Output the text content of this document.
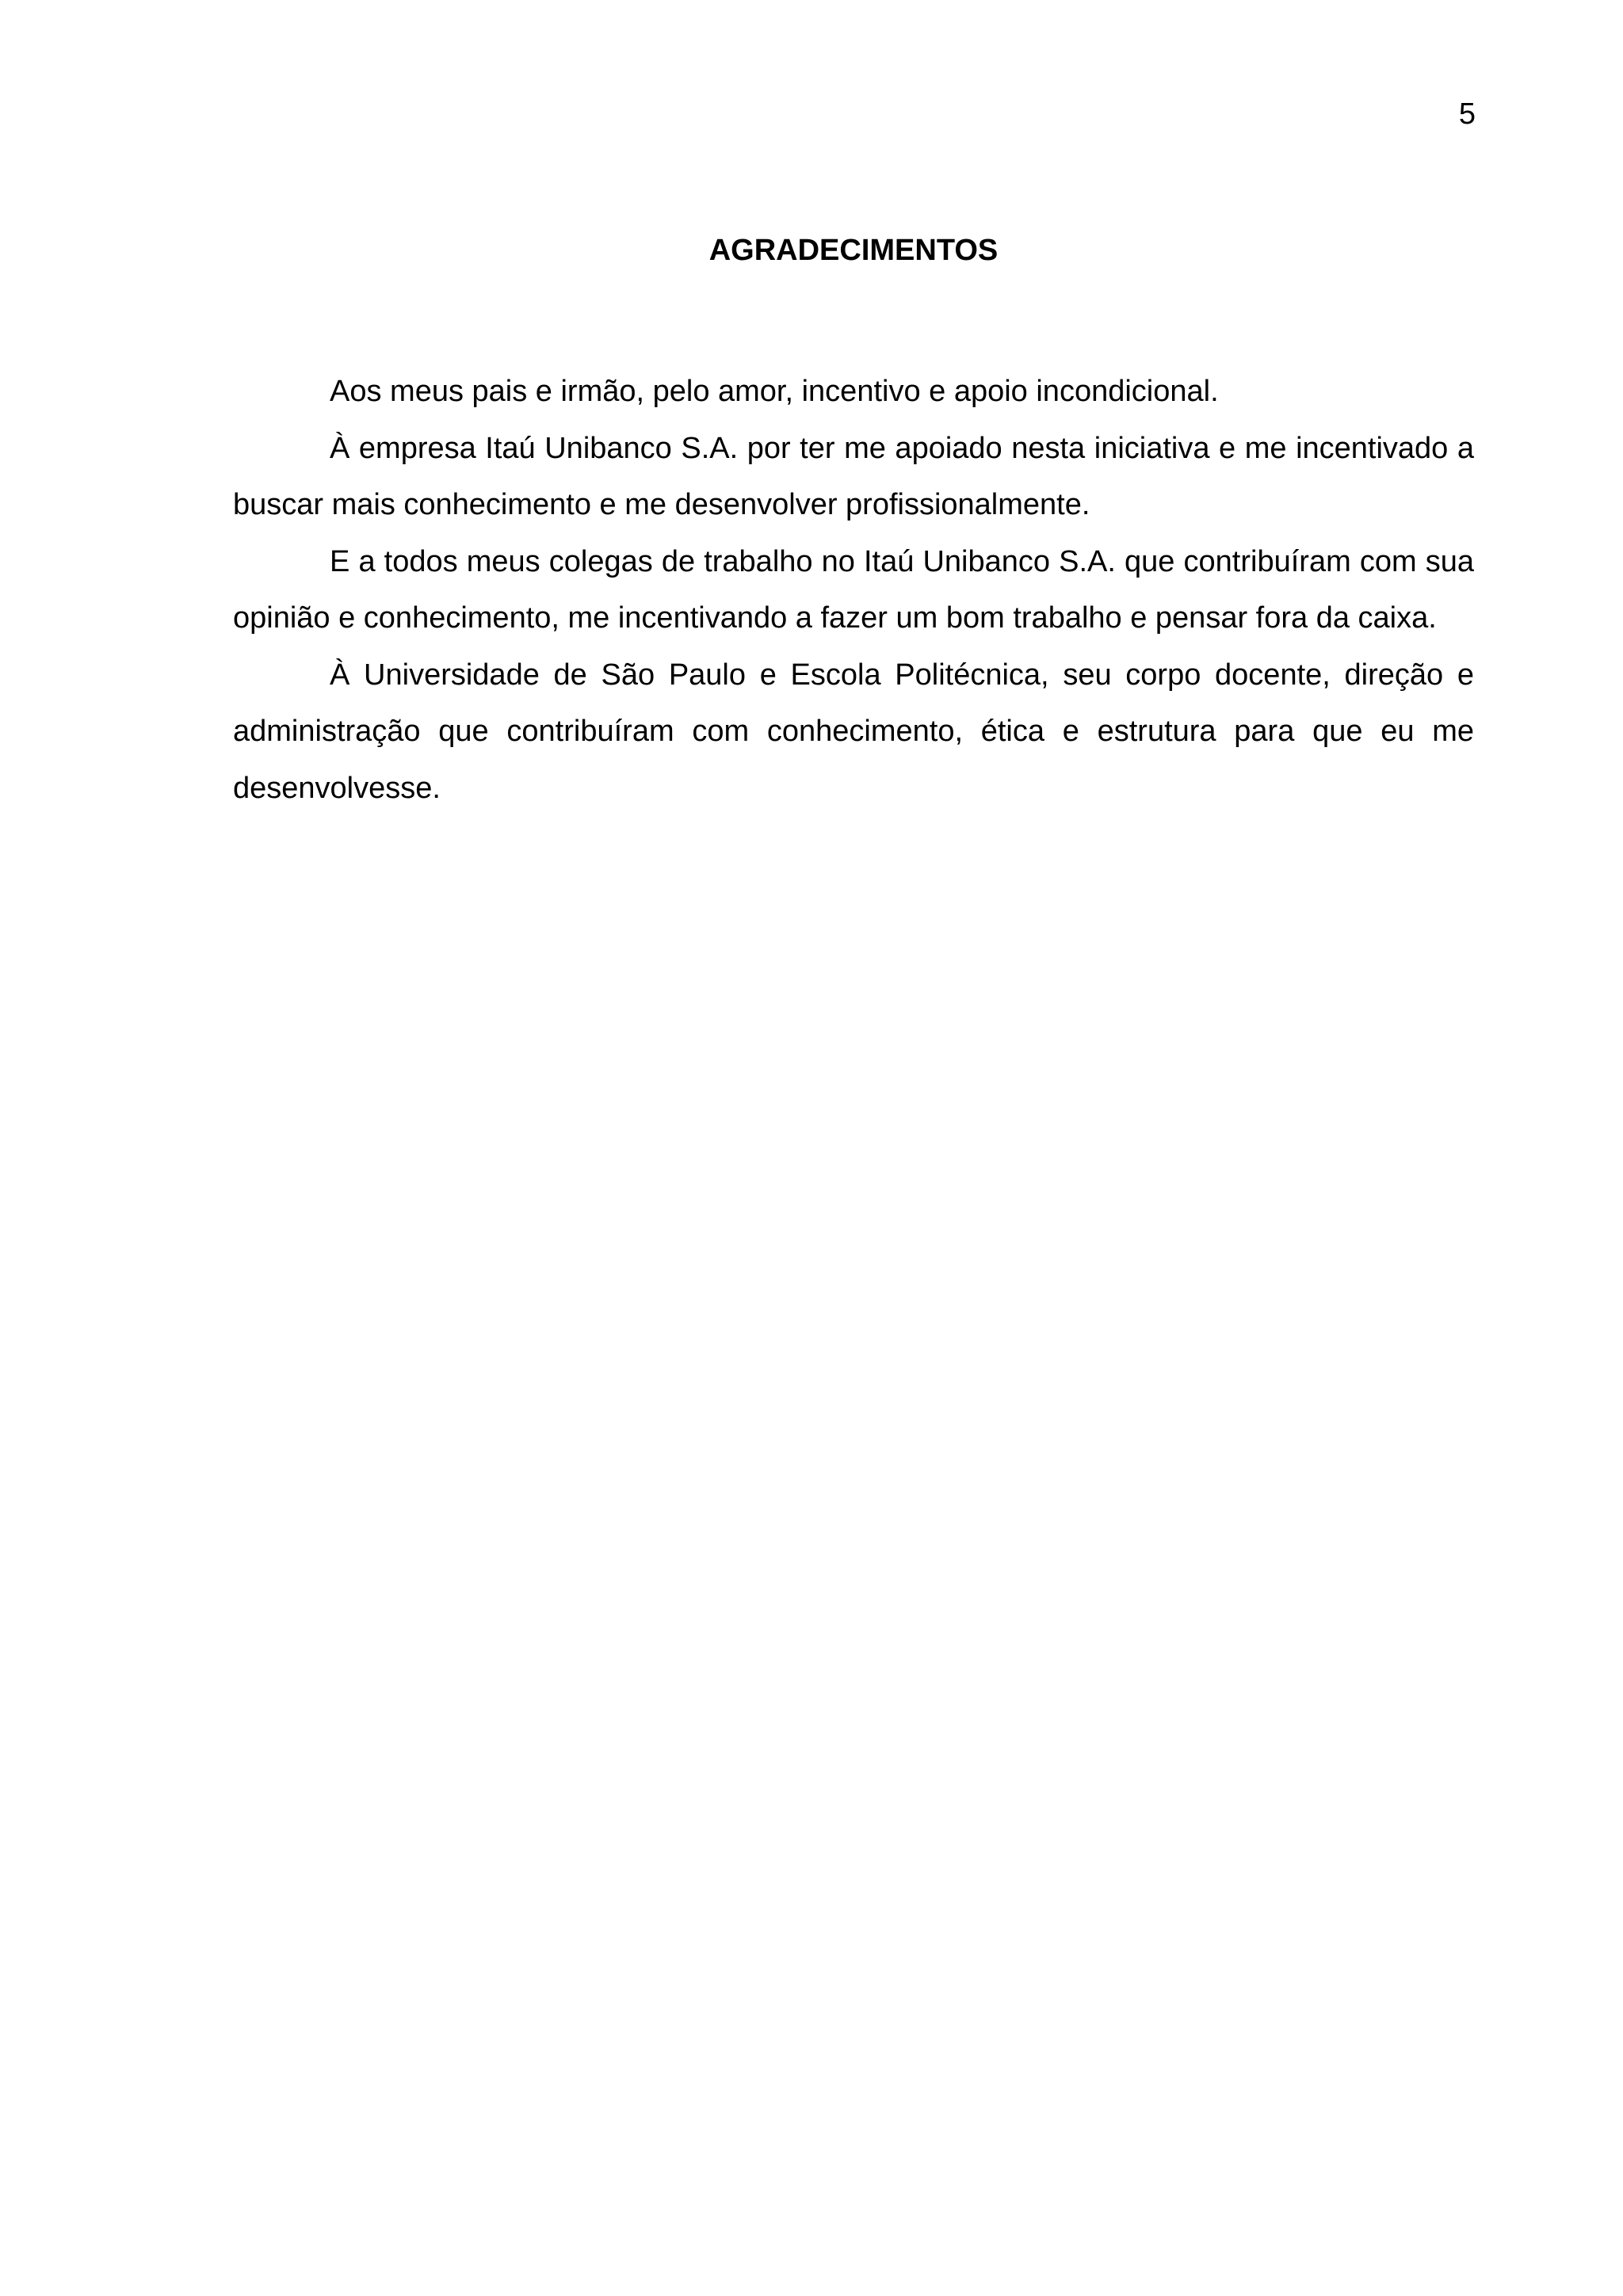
5

AGRADECIMENTOS

Aos meus pais e irmão, pelo amor, incentivo e apoio incondicional.

À empresa Itaú Unibanco S.A. por ter me apoiado nesta iniciativa e me incentivado a buscar mais conhecimento e me desenvolver profissionalmente.

E a todos meus colegas de trabalho no Itaú Unibanco S.A. que contribuíram com sua opinião e conhecimento, me incentivando a fazer um bom trabalho e pensar fora da caixa.

À Universidade de São Paulo e Escola Politécnica, seu corpo docente, direção e administração que contribuíram com conhecimento, ética e estrutura para que eu me desenvolvesse.
